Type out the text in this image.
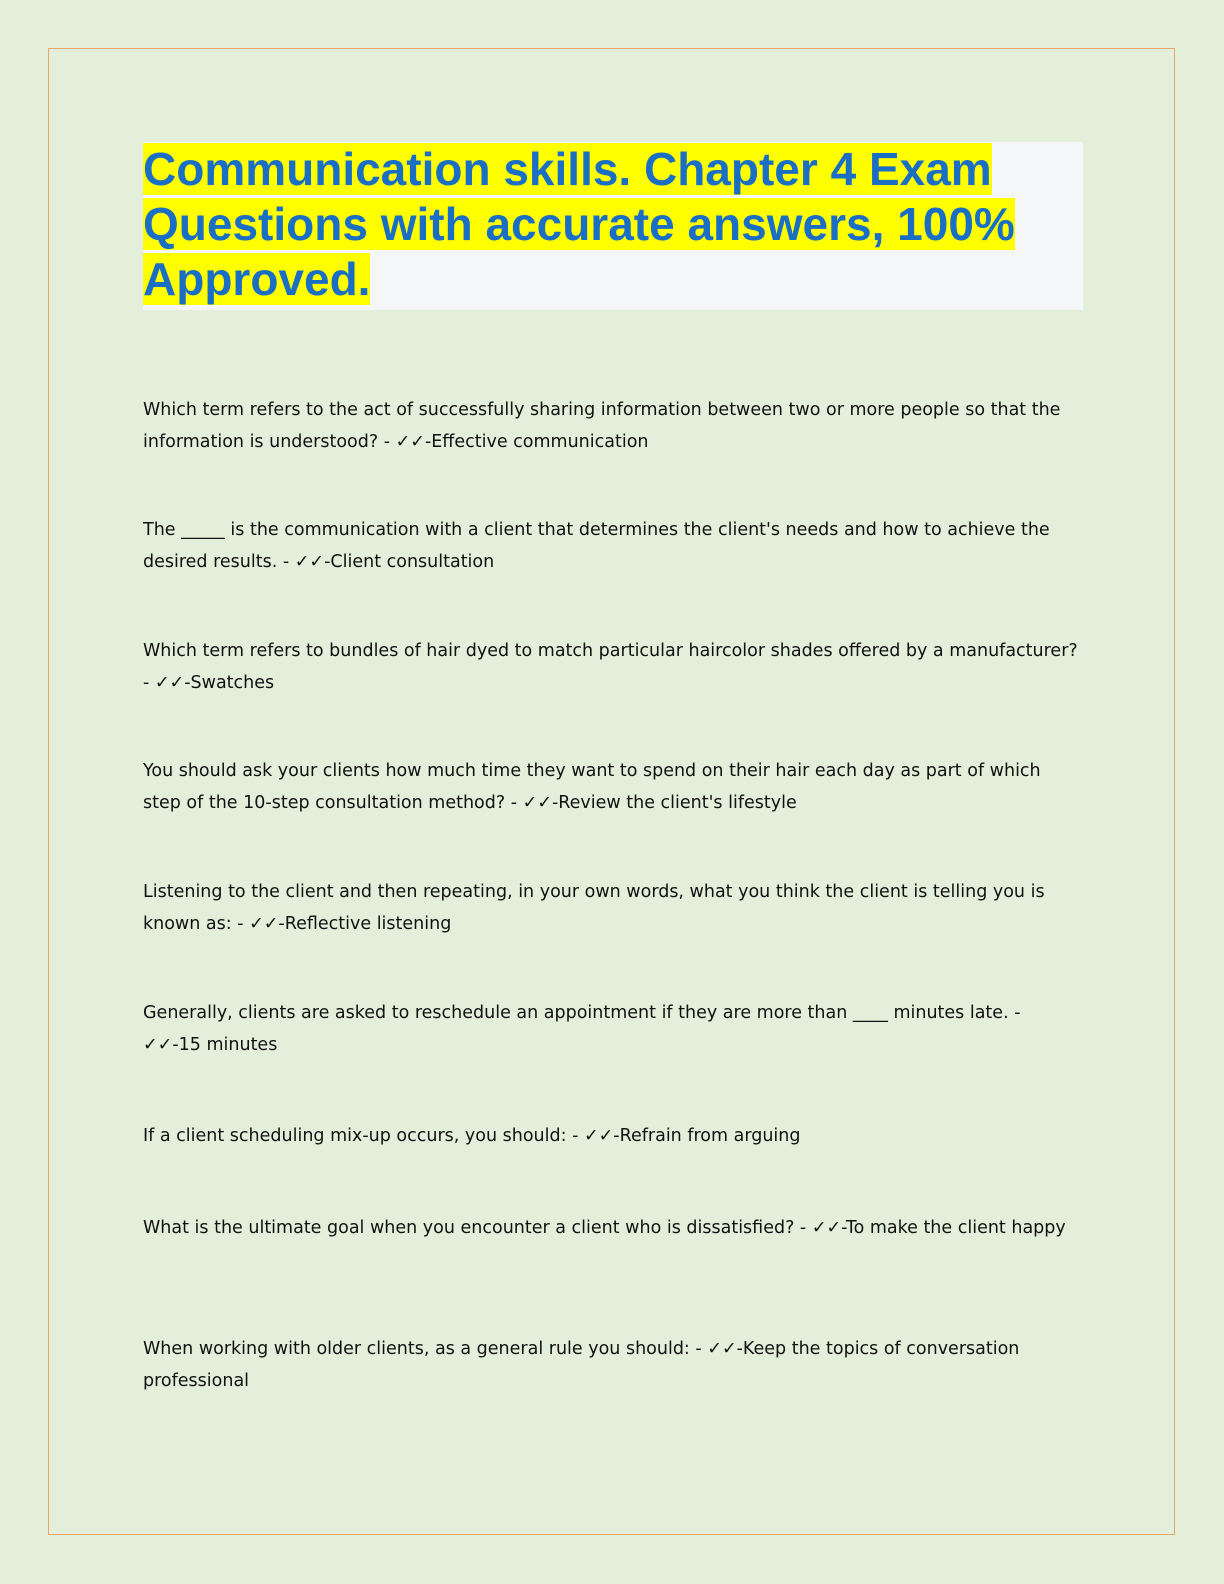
Communication skills. Chapter 4 Exam
Questions with accurate answers, 100%
Approved.

Which term refers to the act of successfully sharing information between two or more people so that the information is understood? - ✓✓-Effective communication

The _____ is the communication with a client that determines the client's needs and how to achieve the desired results. - ✓✓-Client consultation

Which term refers to bundles of hair dyed to match particular haircolor shades offered by a manufacturer? - ✓✓-Swatches

You should ask your clients how much time they want to spend on their hair each day as part of which step of the 10-step consultation method? - ✓✓-Review the client's lifestyle

Listening to the client and then repeating, in your own words, what you think the client is telling you is known as: - ✓✓-Reflective listening

Generally, clients are asked to reschedule an appointment if they are more than ____ minutes late. - ✓✓-15 minutes

If a client scheduling mix-up occurs, you should: - ✓✓-Refrain from arguing

What is the ultimate goal when you encounter a client who is dissatisfied? - ✓✓-To make the client happy

When working with older clients, as a general rule you should: - ✓✓-Keep the topics of conversation professional
